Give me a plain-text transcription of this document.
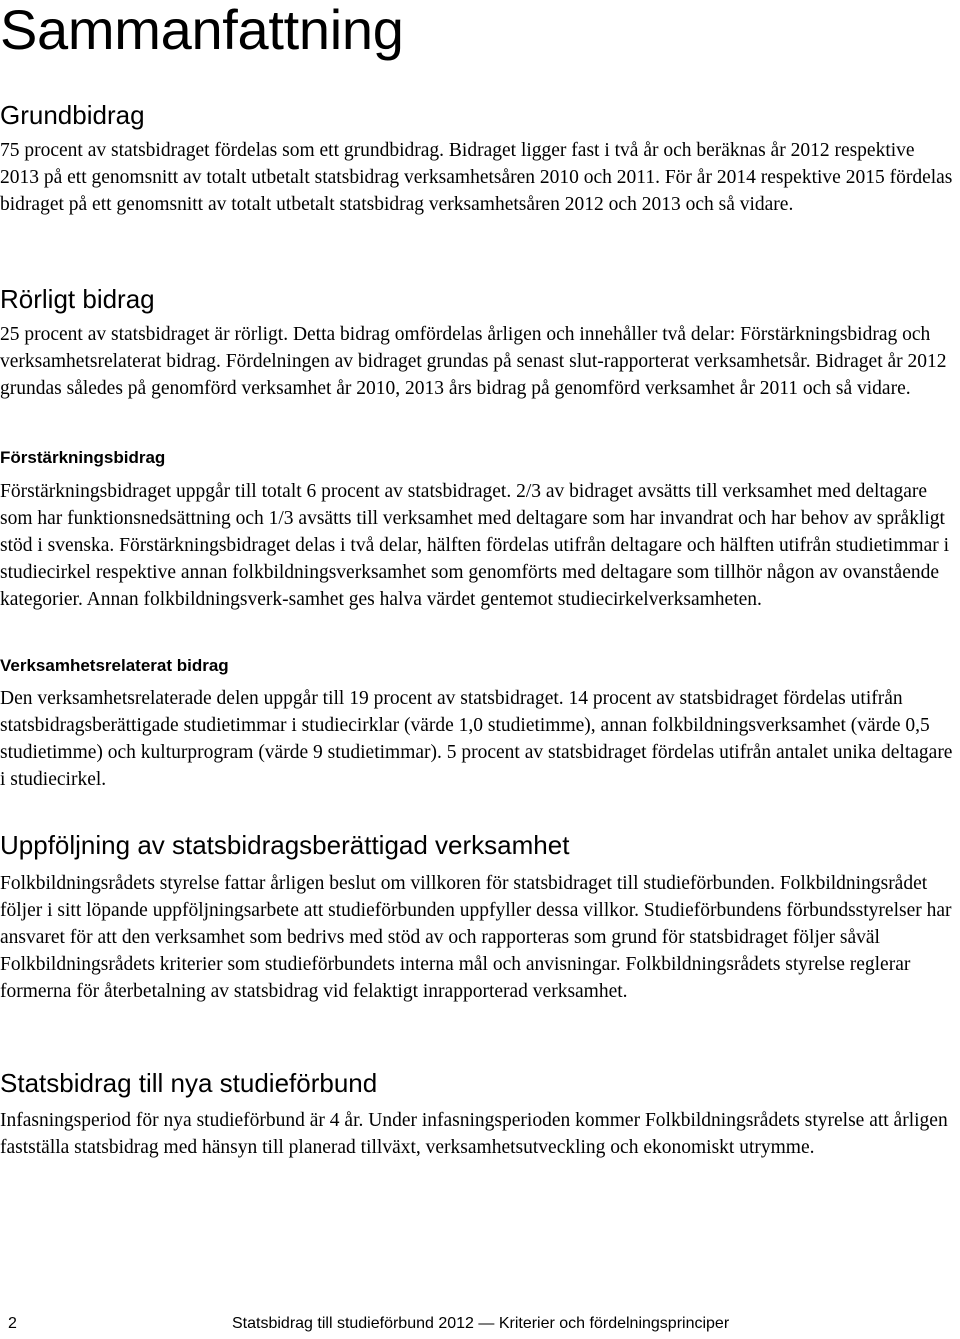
Sammanfattning
Grundbidrag

75 procent av statsbidraget fördelas som ett grundbidrag. Bidraget ligger fast i två år och beräknas år 2012 respektive 2013 på ett genomsnitt av totalt utbetalt statsbidrag verksamhetsåren 2010 och 2011. För år 2014 respektive 2015 fördelas bidraget på ett genomsnitt av totalt utbetalt statsbidrag verksamhetsåren 2012 och 2013 och så vidare.

Rörligt bidrag

25 procent av statsbidraget är rörligt. Detta bidrag omfördelas årligen och innehåller två delar: Förstärkningsbidrag och verksamhetsrelaterat bidrag. Fördelningen av bidraget grundas på senast slut-rapporterat verksamhetsår. Bidraget år 2012 grundas således på genomförd verksamhet år 2010, 2013 års bidrag på genomförd verksamhet år 2011 och så vidare.

Förstärkningsbidrag

Förstärkningsbidraget uppgår till totalt 6 procent av statsbidraget. 2/3 av bidraget avsätts till verksamhet med deltagare som har funktionsnedsättning och 1/3 avsätts till verksamhet med deltagare som har invandrat och har behov av språkligt stöd i svenska. Förstärkningsbidraget delas i två delar, hälften fördelas utifrån deltagare och hälften utifrån studietimmar i studiecirkel respektive annan folkbildningsverksamhet som genomförts med deltagare som tillhör någon av ovanstående kategorier. Annan folkbildningsverk-samhet ges halva värdet gentemot studiecirkelverksamheten.

Verksamhetsrelaterat bidrag

Den verksamhetsrelaterade delen uppgår till 19 procent av statsbidraget. 14 procent av statsbidraget fördelas utifrån statsbidragsberättigade studietimmar i studiecirklar (värde 1,0 studietimme), annan folkbildningsverksamhet (värde 0,5 studietimme) och kulturprogram (värde 9 studietimmar). 5 procent av statsbidraget fördelas utifrån antalet unika deltagare i studiecirkel.

Uppföljning av statsbidragsberättigad verksamhet

Folkbildningsrådets styrelse fattar årligen beslut om villkoren för statsbidraget till studieförbunden. Folkbildningsrådet följer i sitt löpande uppföljningsarbete att studieförbunden uppfyller dessa villkor. Studieförbundens förbundsstyrelser har ansvaret för att den verksamhet som bedrivs med stöd av och rapporteras som grund för statsbidraget följer såväl Folkbildningsrådets kriterier som studieförbundets interna mål och anvisningar. Folkbildningsrådets styrelse reglerar formerna för återbetalning av statsbidrag vid felaktigt inrapporterad verksamhet.

Statsbidrag till nya studieförbund

Infasningsperiod för nya studieförbund är 4 år. Under infasningsperioden kommer Folkbildningsrådets styrelse att årligen fastställa statsbidrag med hänsyn till planerad tillväxt, verksamhetsutveckling och ekonomiskt utrymme.

2	Statsbidrag till studieförbund 2012 — Kriterier och fördelningsprinciper
